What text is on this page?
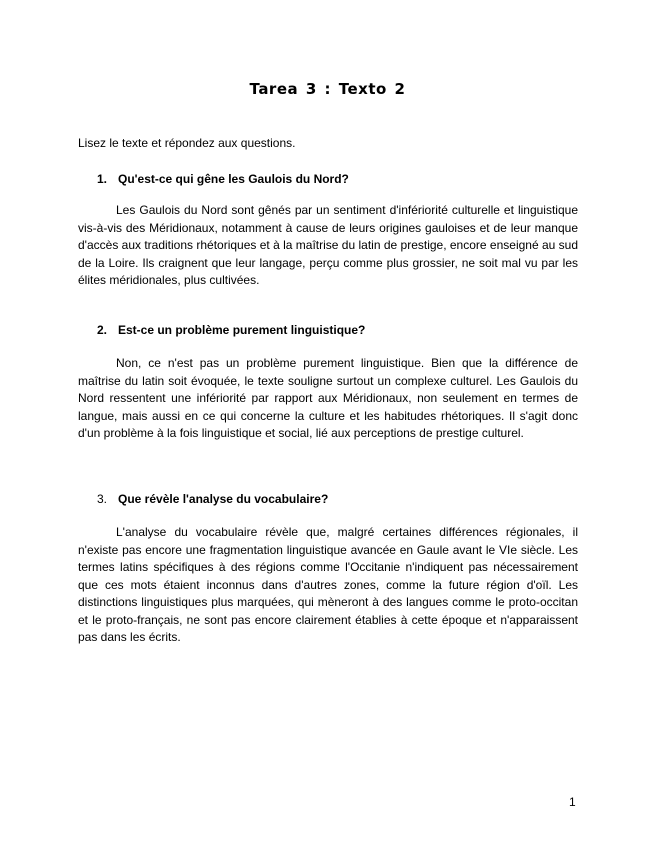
Tarea 3 : Texto 2
Lisez le texte et répondez aux questions.
1. Qu'est-ce qui gêne les Gaulois du Nord?

Les Gaulois du Nord sont gênés par un sentiment d'infériorité culturelle et linguistique vis-à-vis des Méridionaux, notamment à cause de leurs origines gauloises et de leur manque d'accès aux traditions rhétoriques et à la maîtrise du latin de prestige, encore enseigné au sud de la Loire. Ils craignent que leur langage, perçu comme plus grossier, ne soit mal vu par les élites méridionales, plus cultivées.

2. Est-ce un problème purement linguistique?

Non, ce n'est pas un problème purement linguistique. Bien que la différence de maîtrise du latin soit évoquée, le texte souligne surtout un complexe culturel. Les Gaulois du Nord ressentent une infériorité par rapport aux Méridionaux, non seulement en termes de langue, mais aussi en ce qui concerne la culture et les habitudes rhétoriques. Il s'agit donc d'un problème à la fois linguistique et social, lié aux perceptions de prestige culturel.

3. Que révèle l'analyse du vocabulaire?

L'analyse du vocabulaire révèle que, malgré certaines différences régionales, il n'existe pas encore une fragmentation linguistique avancée en Gaule avant le VIe siècle. Les termes latins spécifiques à des régions comme l'Occitanie n'indiquent pas nécessairement que ces mots étaient inconnus dans d'autres zones, comme la future région d'oïl. Les distinctions linguistiques plus marquées, qui mèneront à des langues comme le proto-occitan et le proto-français, ne sont pas encore clairement établies à cette époque et n'apparaissent pas dans les écrits.

1
